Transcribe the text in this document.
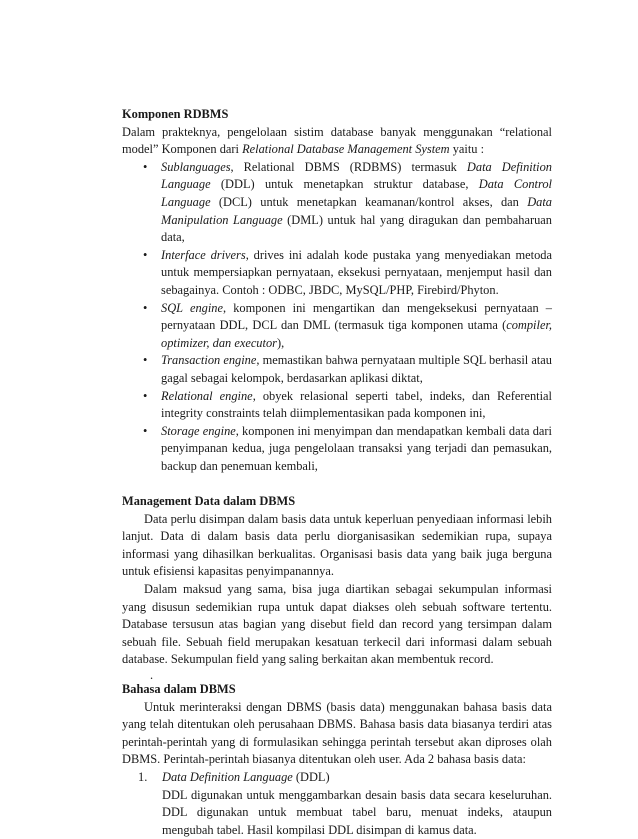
Komponen RDBMS

Dalam prakteknya, pengelolaan sistim database banyak menggunakan “relational model” Komponen dari Relational Database Management System yaitu :

• Sublanguages, Relational DBMS (RDBMS) termasuk Data Definition Language (DDL) untuk menetapkan struktur database, Data Control Language (DCL) untuk menetapkan keamanan/kontrol akses, dan Data Manipulation Language (DML) untuk hal yang diragukan dan pembaharuan data,
• Interface drivers, drives ini adalah kode pustaka yang menyediakan metoda untuk mempersiapkan pernyataan, eksekusi pernyataan, menjemput hasil dan sebagainya. Contoh : ODBC, JBDC, MySQL/PHP, Firebird/Phyton.
• SQL engine, komponen ini mengartikan dan mengeksekusi pernyataan – pernyataan DDL, DCL dan DML (termasuk tiga komponen utama (compiler, optimizer, dan executor),
• Transaction engine, memastikan bahwa pernyataan multiple SQL berhasil atau gagal sebagai kelompok, berdasarkan aplikasi diktat,
• Relational engine, obyek relasional seperti tabel, indeks, dan Referential integrity constraints telah diimplementasikan pada komponen ini,
• Storage engine, komponen ini menyimpan dan mendapatkan kembali data dari penyimpanan kedua, juga pengelolaan transaksi yang terjadi dan pemasukan, backup dan penemuan kembali,

Management Data dalam DBMS

Data perlu disimpan dalam basis data untuk keperluan penyediaan informasi lebih lanjut. Data di dalam basis data perlu diorganisasikan sedemikian rupa, supaya informasi yang dihasilkan berkualitas. Organisasi basis data yang baik juga berguna untuk efisiensi kapasitas penyimpanannya.

Dalam maksud yang sama, bisa juga diartikan sebagai sekumpulan informasi yang disusun sedemikian rupa untuk dapat diakses oleh sebuah software tertentu. Database tersusun atas bagian yang disebut field dan record yang tersimpan dalam sebuah file. Sebuah field merupakan kesatuan terkecil dari informasi dalam sebuah database. Sekumpulan field yang saling berkaitan akan membentuk record.

.

Bahasa dalam DBMS

Untuk merinteraksi dengan DBMS (basis data) menggunakan bahasa basis data yang telah ditentukan oleh perusahaan DBMS. Bahasa basis data biasanya terdiri atas perintah-perintah yang di formulasikan sehingga perintah tersebut akan diproses olah DBMS. Perintah-perintah biasanya ditentukan oleh user. Ada 2 bahasa basis data:

1. Data Definition Language (DDL)
DDL digunakan untuk menggambarkan desain basis data secara keseluruhan. DDL digunakan untuk membuat tabel baru, menuat indeks, ataupun mengubah tabel. Hasil kompilasi DDL disimpan di kamus data.
